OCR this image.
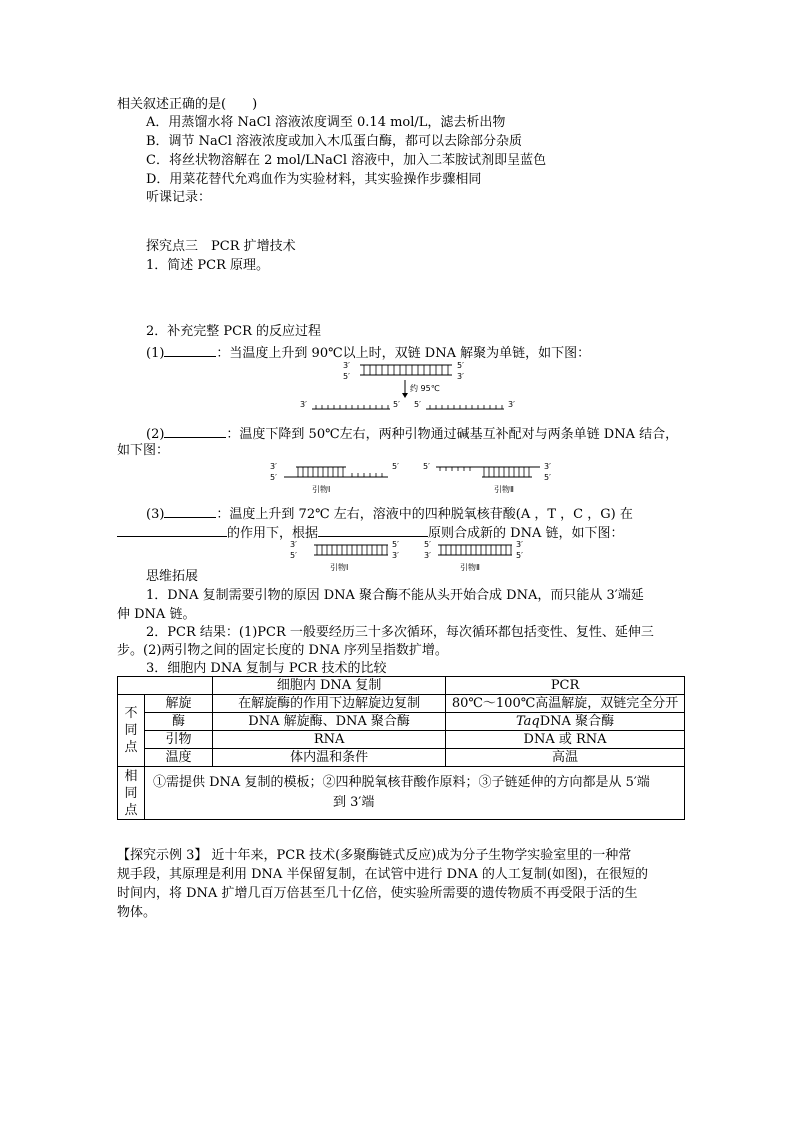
相关叙述正确的是(　　)
A．用蒸馏水将 NaCl 溶液浓度调至 0.14 mol/L，滤去析出物
B．调节 NaCl 溶液浓度或加入木瓜蛋白酶，都可以去除部分杂质
C．将丝状物溶解在 2 mol/LNaCl 溶液中，加入二苯胺试剂即呈蓝色
D．用菜花替代允鸡血作为实验材料，其实验操作步骤相同
听课记录：
探究点三　PCR 扩增技术
1．简述 PCR 原理。
2．补充完整 PCR 的反应过程
(1)	：当温度上升到 90℃以上时，双链 DNA 解聚为单链，如下图：
3′
5′
5′
3′
约 95℃
3′	5′ 5′	3′
(2)	：温度下降到 50℃左右，两种引物通过碱基互补配对与两条单链 DNA 结合，
如下图：
3′
5′
5′
引物Ⅰ
5′	3′
5′
引物Ⅱ
(3)	：温度上升到 72℃ 左右，溶液中的四种脱氧核苷酸(A ，T ，C ，G) 在
的作用下，根据	原则合成新的 DNA 链，如下图：
3′
5′
5′
3′
引物Ⅰ
5′
3′
3′
5′
引物Ⅱ
思维拓展
1．DNA 复制需要引物的原因 DNA 聚合酶不能从头开始合成 DNA，而只能从 3′端延
伸 DNA 链。
2．PCR 结果：(1)PCR 一般要经历三十多次循环，每次循环都包括变性、复性、延伸三
步。(2)两引物之间的固定长度的 DNA 序列呈指数扩增。
3．细胞内 DNA 复制与 PCR 技术的比较
		细胞内 DNA 复制	PCR
不同点	解旋	在解旋酶的作用下边解旋边复制	80℃～100℃高温解旋，双链完全分开
	酶	DNA 解旋酶、DNA 聚合酶	TaqDNA 聚合酶
	引物	RNA	DNA 或 RNA
	温度	体内温和条件	高温
相同点	①需提供 DNA 复制的模板；②四种脱氧核苷酸作原料；③子链延伸的方向都是从 5′端
到 3′端		
【探究示例 3】 近十年来，PCR 技术(多聚酶链式反应)成为分子生物学实验室里的一种常
规手段，其原理是利用 DNA 半保留复制，在试管中进行 DNA 的人工复制(如图)，在很短的
时间内，将 DNA 扩增几百万倍甚至几十亿倍，使实验所需要的遗传物质不再受限于活的生
物体。
